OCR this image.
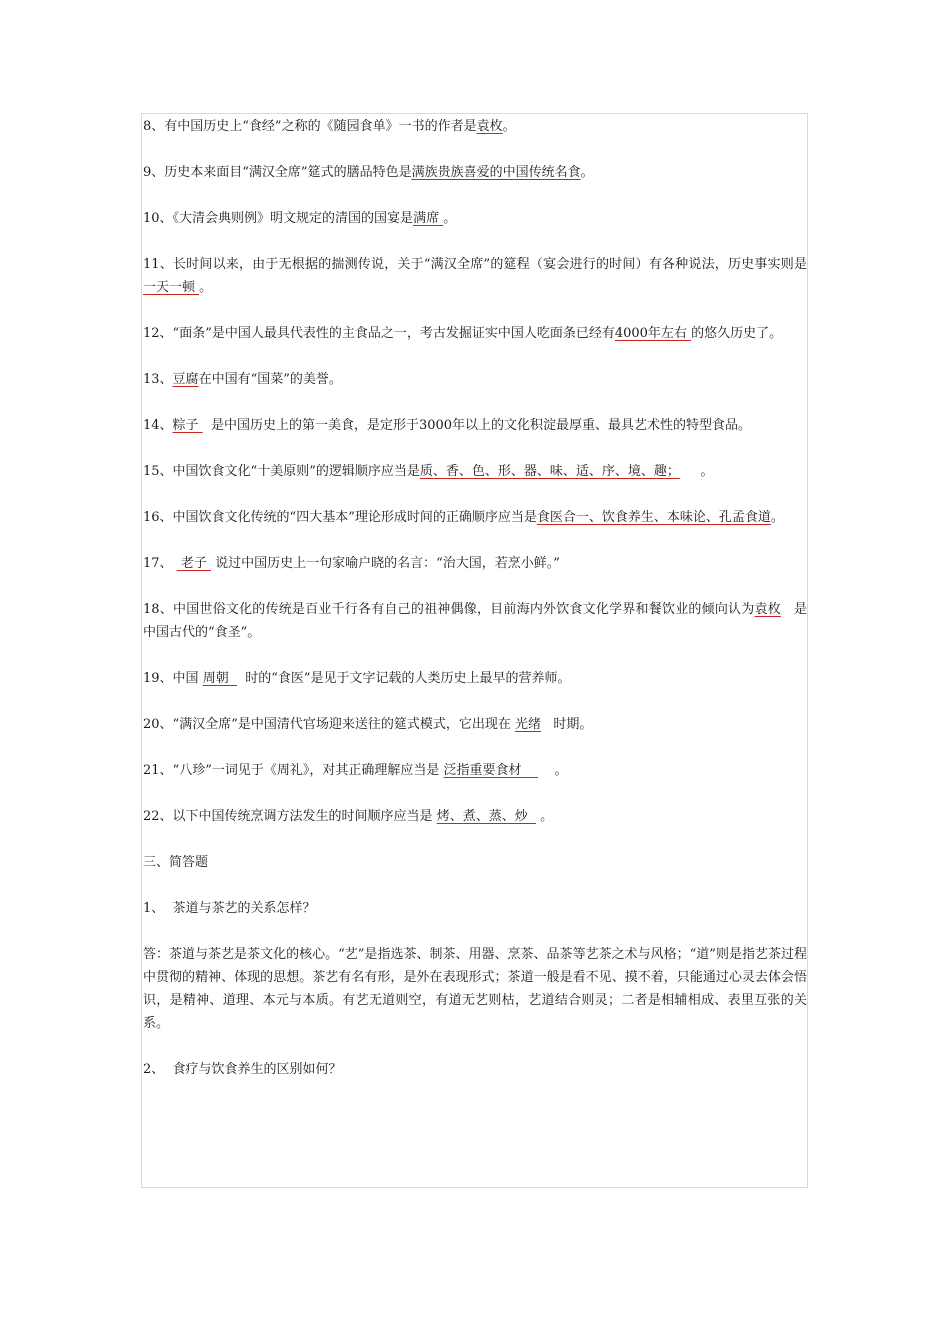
8、有中国历史上“食经”之称的《随园食单》一书的作者是袁枚。

9、历史本来面目“满汉全席”筵式的膳品特色是满族贵族喜爱的中国传统名食。

10、《大清会典则例》明文规定的清国的国宴是满席 。

11、长时间以来，由于无根据的揣测传说，关于“满汉全席”的筵程（宴会进行的时间）有各种说法，历史事实则是一天一顿 。

12、“面条”是中国人最具代表性的主食品之一，考古发掘证实中国人吃面条已经有4000年左右 的悠久历史了。

13、豆腐在中国有“国菜”的美誉。

14、粽子   是中国历史上的第一美食，是定形于3000年以上的文化积淀最厚重、最具艺术性的特型食品。

15、中国饮食文化“十美原则”的逻辑顺序应当是质、香、色、形、器、味、适、序、境、趣；     。

16、中国饮食文化传统的“四大基本”理论形成时间的正确顺序应当是食医合一、饮食养生、本味论、孔孟食道。

17、  老子  说过中国历史上一句家喻户晓的名言：“治大国，若烹小鲜。”

18、中国世俗文化的传统是百业千行各有自己的祖神偶像，目前海内外饮食文化学界和餐饮业的倾向认为袁枚   是中国古代的“食圣”。

19、中国 周朝    时的“食医”是见于文字记载的人类历史上最早的营养师。

20、“满汉全席”是中国清代官场迎来送往的筵式模式，它出现在 光绪   时期。

21、“八珍”一词见于《周礼》，对其正确理解应当是 泛指重要食材        。

22、以下中国传统烹调方法发生的时间顺序应当是 烤、煮、蒸、炒   。

三、简答题

1、  茶道与茶艺的关系怎样？

答：茶道与茶艺是茶文化的核心。“艺”是指选茶、制茶、用器、烹茶、品茶等艺茶之术与风格；“道”则是指艺茶过程中贯彻的精神、体现的思想。茶艺有名有形，是外在表现形式；茶道一般是看不见、摸不着，只能通过心灵去体会悟识，是精神、道理、本元与本质。有艺无道则空，有道无艺则枯，艺道结合则灵；二者是相辅相成、表里互张的关系。

2、  食疗与饮食养生的区别如何？
